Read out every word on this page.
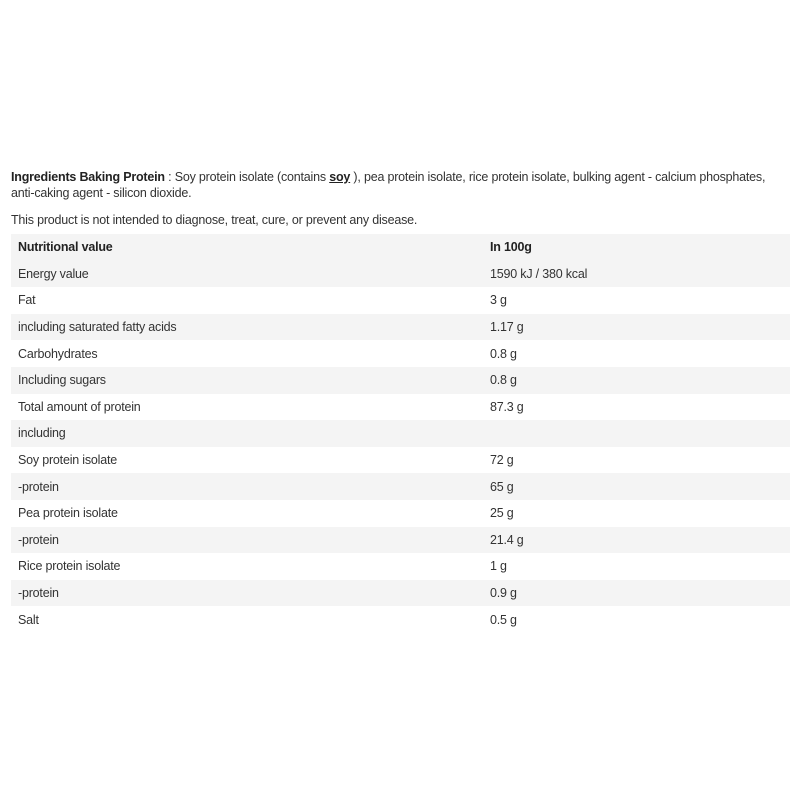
Ingredients Baking Protein : Soy protein isolate (contains soy ), pea protein isolate, rice protein isolate, bulking agent - calcium phosphates, anti-caking agent - silicon dioxide.

This product is not intended to diagnose, treat, cure, or prevent any disease.

Nutritional value	In 100g
Energy value	1590 kJ / 380 kcal
Fat	3 g
including saturated fatty acids	1.17 g
Carbohydrates	0.8 g
Including sugars	0.8 g
Total amount of protein	87.3 g
including	
Soy protein isolate	72 g
-protein	65 g
Pea protein isolate	25 g
-protein	21.4 g
Rice protein isolate	1 g
-protein	0.9 g
Salt	0.5 g
